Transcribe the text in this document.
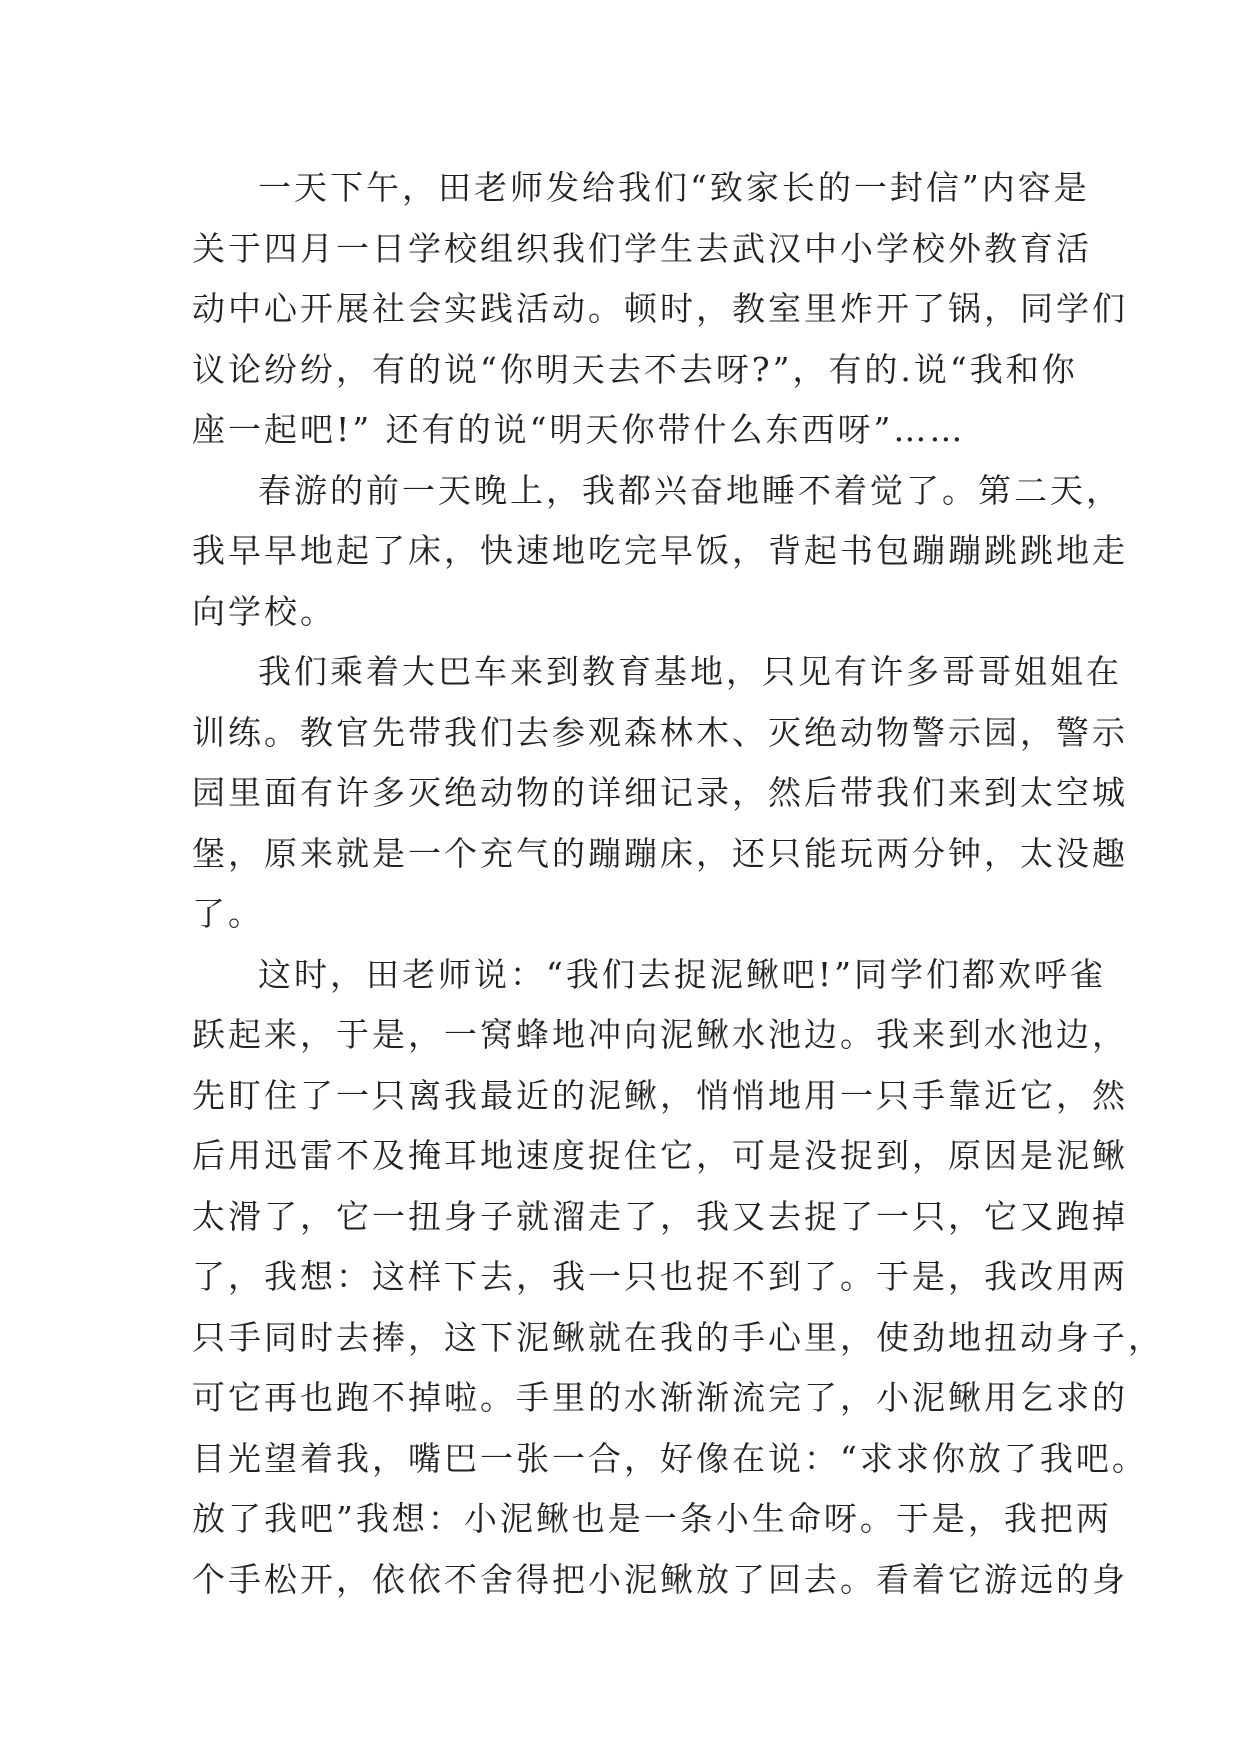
一天下午，田老师发给我们“致家长的一封信”内容是
关于四月一日学校组织我们学生去武汉中小学校外教育活
动中心开展社会实践活动。顿时，教室里炸开了锅，同学们
议论纷纷，有的说“你明天去不去呀?”，有的.说“我和你
座一起吧!” 还有的说“明天你带什么东西呀”……
春游的前一天晚上，我都兴奋地睡不着觉了。第二天，
我早早地起了床，快速地吃完早饭，背起书包蹦蹦跳跳地走
向学校。
我们乘着大巴车来到教育基地，只见有许多哥哥姐姐在
训练。教官先带我们去参观森林木、灭绝动物警示园，警示
园里面有许多灭绝动物的详细记录，然后带我们来到太空城
堡，原来就是一个充气的蹦蹦床，还只能玩两分钟，太没趣
了。
这时，田老师说：“我们去捉泥鳅吧!”同学们都欢呼雀
跃起来，于是，一窝蜂地冲向泥鳅水池边。我来到水池边，
先盯住了一只离我最近的泥鳅，悄悄地用一只手靠近它，然
后用迅雷不及掩耳地速度捉住它，可是没捉到，原因是泥鳅
太滑了，它一扭身子就溜走了，我又去捉了一只，它又跑掉
了，我想：这样下去，我一只也捉不到了。于是，我改用两
只手同时去捧，这下泥鳅就在我的手心里，使劲地扭动身子，
可它再也跑不掉啦。手里的水渐渐流完了，小泥鳅用乞求的
目光望着我，嘴巴一张一合，好像在说：“求求你放了我吧。
放了我吧”我想：小泥鳅也是一条小生命呀。于是，我把两
个手松开，依依不舍得把小泥鳅放了回去。看着它游远的身
